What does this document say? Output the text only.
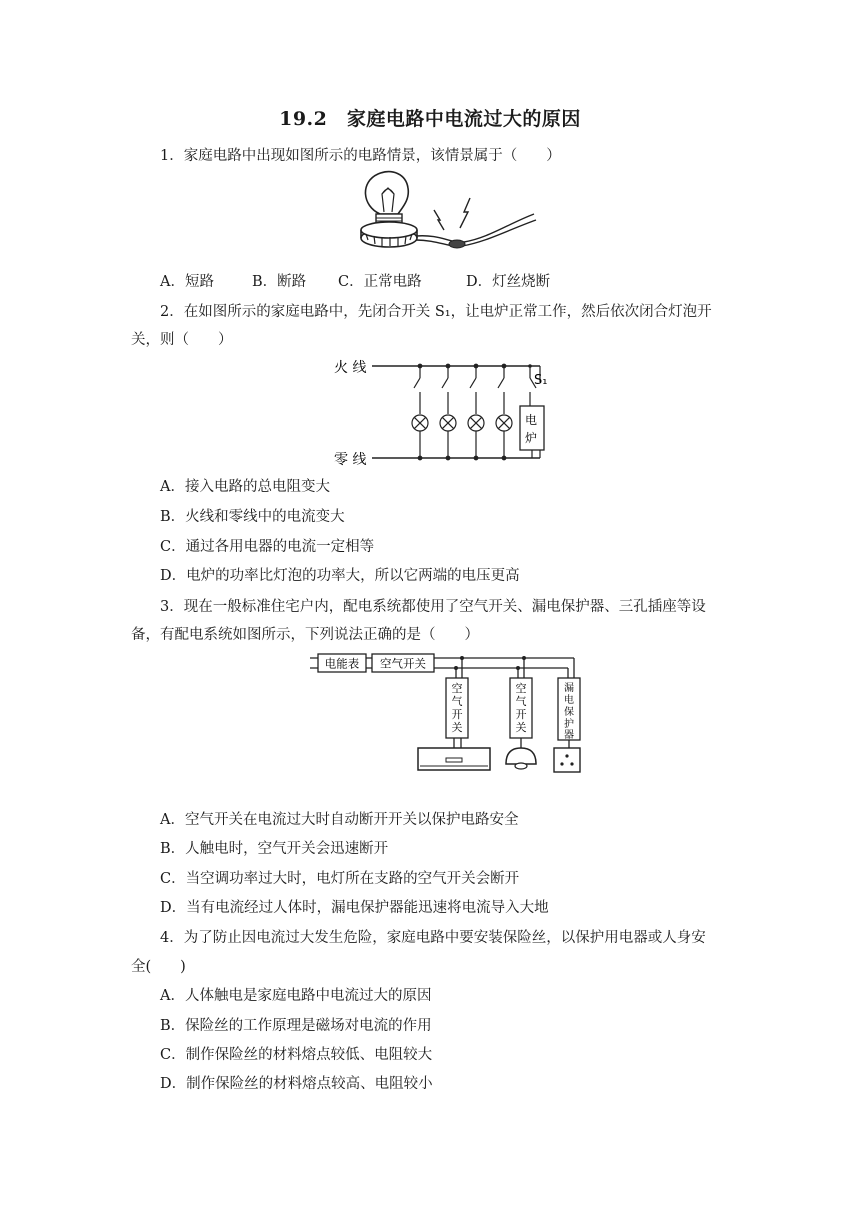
19.2　家庭电路中电流过大的原因
1．家庭电路中出现如图所示的电路情景，该情景属于（　　）
A．短路	B．断路 C．正常电路	D．灯丝烧断
2．在如图所示的家庭电路中，先闭合开关 S₁，让电炉正常工作，然后依次闭合灯泡开
关，则（　　）
火 线
零 线
S₁
电
炉
A．接入电路的总电阻变大
B．火线和零线中的电流变大
C．通过各用电器的电流一定相等
D．电炉的功率比灯泡的功率大，所以它两端的电压更高
3．现在一般标准住宅户内，配电系统都使用了空气开关、漏电保护器、三孔插座等设
备，有配电系统如图所示，下列说法正确的是（　　）
电能表 空气开关
空
气
开
关
空
气
开
关
漏
电
保
护
器
A．空气开关在电流过大时自动断开开关以保护电路安全
B．人触电时，空气开关会迅速断开
C．当空调功率过大时，电灯所在支路的空气开关会断开
D．当有电流经过人体时，漏电保护器能迅速将电流导入大地
4．为了防止因电流过大发生危险，家庭电路中要安装保险丝，以保护用电器或人身安
全(　　)
A．人体触电是家庭电路中电流过大的原因
B．保险丝的工作原理是磁场对电流的作用
C．制作保险丝的材料熔点较低、电阻较大
D．制作保险丝的材料熔点较高、电阻较小
